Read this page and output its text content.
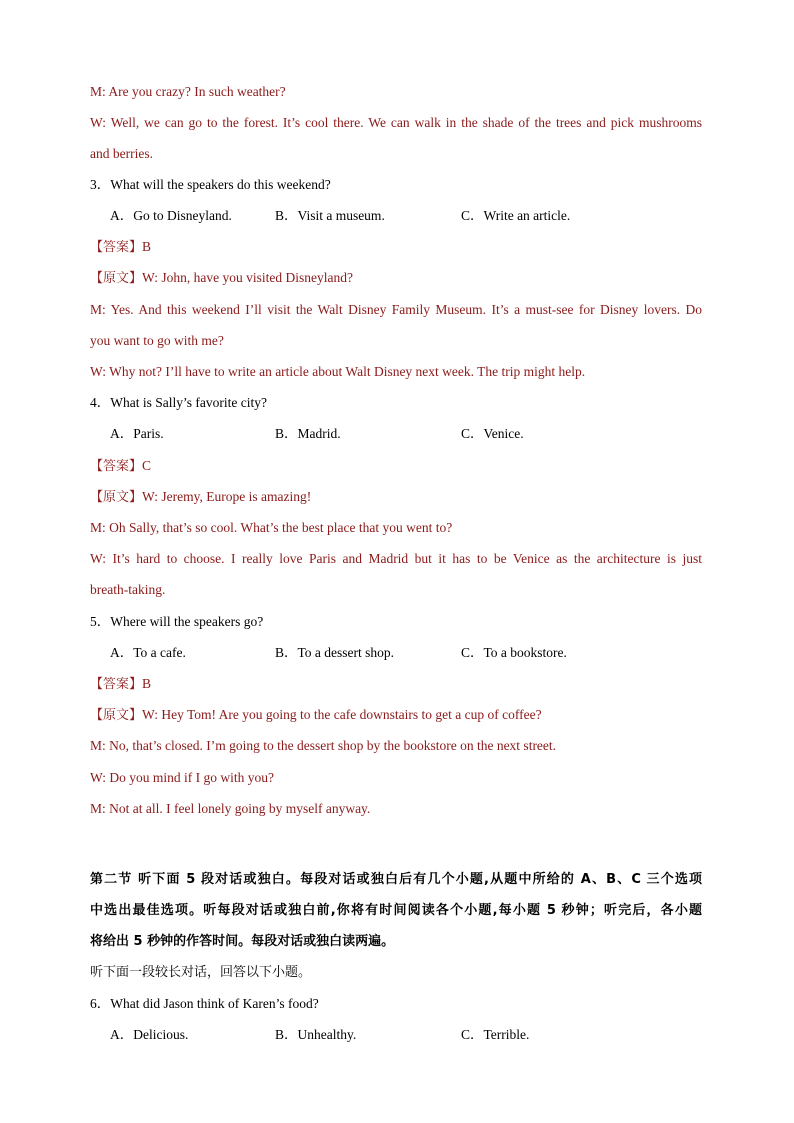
M: Are you crazy? In such weather?
W: Well, we can go to the forest. It’s cool there. We can walk in the shade of the trees and pick mushrooms
and berries.
3．What will the speakers do this weekend?
A．Go to Disneyland.	B．Visit a museum.	C．Write an article.
【答案】B
【原文】W: John, have you visited Disneyland?
M: Yes. And this weekend I’ll visit the Walt Disney Family Museum. It’s a must-see for Disney lovers. Do
you want to go with me?
W: Why not? I’ll have to write an article about Walt Disney next week. The trip might help.
4．What is Sally’s favorite city?
A．Paris.	B．Madrid.	C．Venice.
【答案】C
【原文】W: Jeremy, Europe is amazing!
M: Oh Sally, that’s so cool. What’s the best place that you went to?
W: It’s hard to choose. I really love Paris and Madrid but it has to be Venice as the architecture is just
breath-taking.
5．Where will the speakers go?
A．To a cafe.	B．To a dessert shop.	C．To a bookstore.
【答案】B
【原文】W: Hey Tom! Are you going to the cafe downstairs to get a cup of coffee?
M: No, that’s closed. I’m going to the dessert shop by the bookstore on the next street.
W: Do you mind if I go with you?
M: Not at all. I feel lonely going by myself anyway.
第二节 听下面 5 段对话或独白。每段对话或独白后有几个小题,从题中所给的 A、B、C 三个选项
中选出最佳选项。听每段对话或独白前,你将有时间阅读各个小题,每小题 5 秒钟；听完后，各小题
将给出 5 秒钟的作答时间。每段对话或独白读两遍。
听下面一段较长对话，回答以下小题。
6．What did Jason think of Karen’s food?
A．Delicious.	B．Unhealthy.	C．Terrible.
